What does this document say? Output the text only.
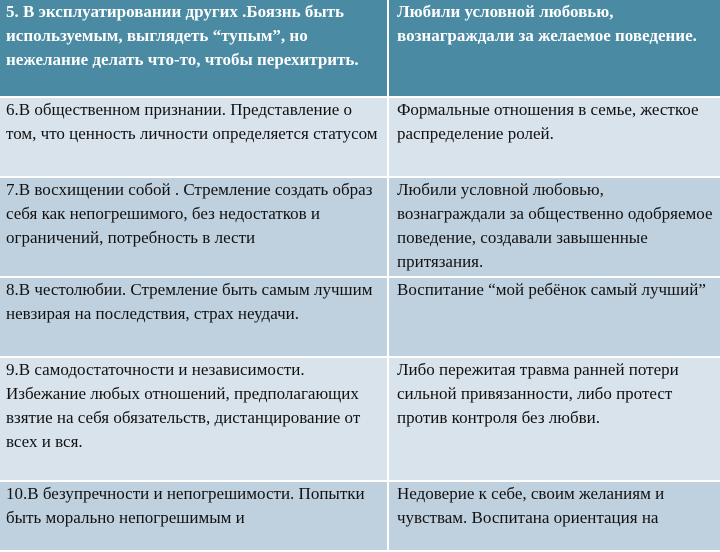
5. В эксплуатировании других .Боязнь быть используемым, выглядеть “тупым”, но нежелание делать что-то, чтобы перехитрить.	Любили условной любовью, вознаграждали за желаемое поведение.
6.В общественном признании. Представление о том, что ценность личности определяется статусом	Формальные отношения в семье, жесткое распределение ролей.
7.В восхищении собой . Стремление создать образ себя как непогрешимого, без недостатков и ограничений, потребность в лести	Любили условной любовью, вознаграждали за общественно одобряемое поведение, создавали завышенные притязания.
8.В честолюбии. Стремление быть самым лучшим невзирая на последствия, страх неудачи.	Воспитание “мой ребёнок самый лучший”
9.В самодостаточности и независимости. Избежание любых отношений, предполагающих взятие на себя обязательств, дистанцирование от всех и вся.	Либо пережитая травма ранней потери сильной привязанности, либо протест против контроля без любви.
10.В безупречности и непогрешимости. Попытки быть морально непогрешимым и	Недоверие к себе, своим желаниям и чувствам. Воспитана ориентация на
